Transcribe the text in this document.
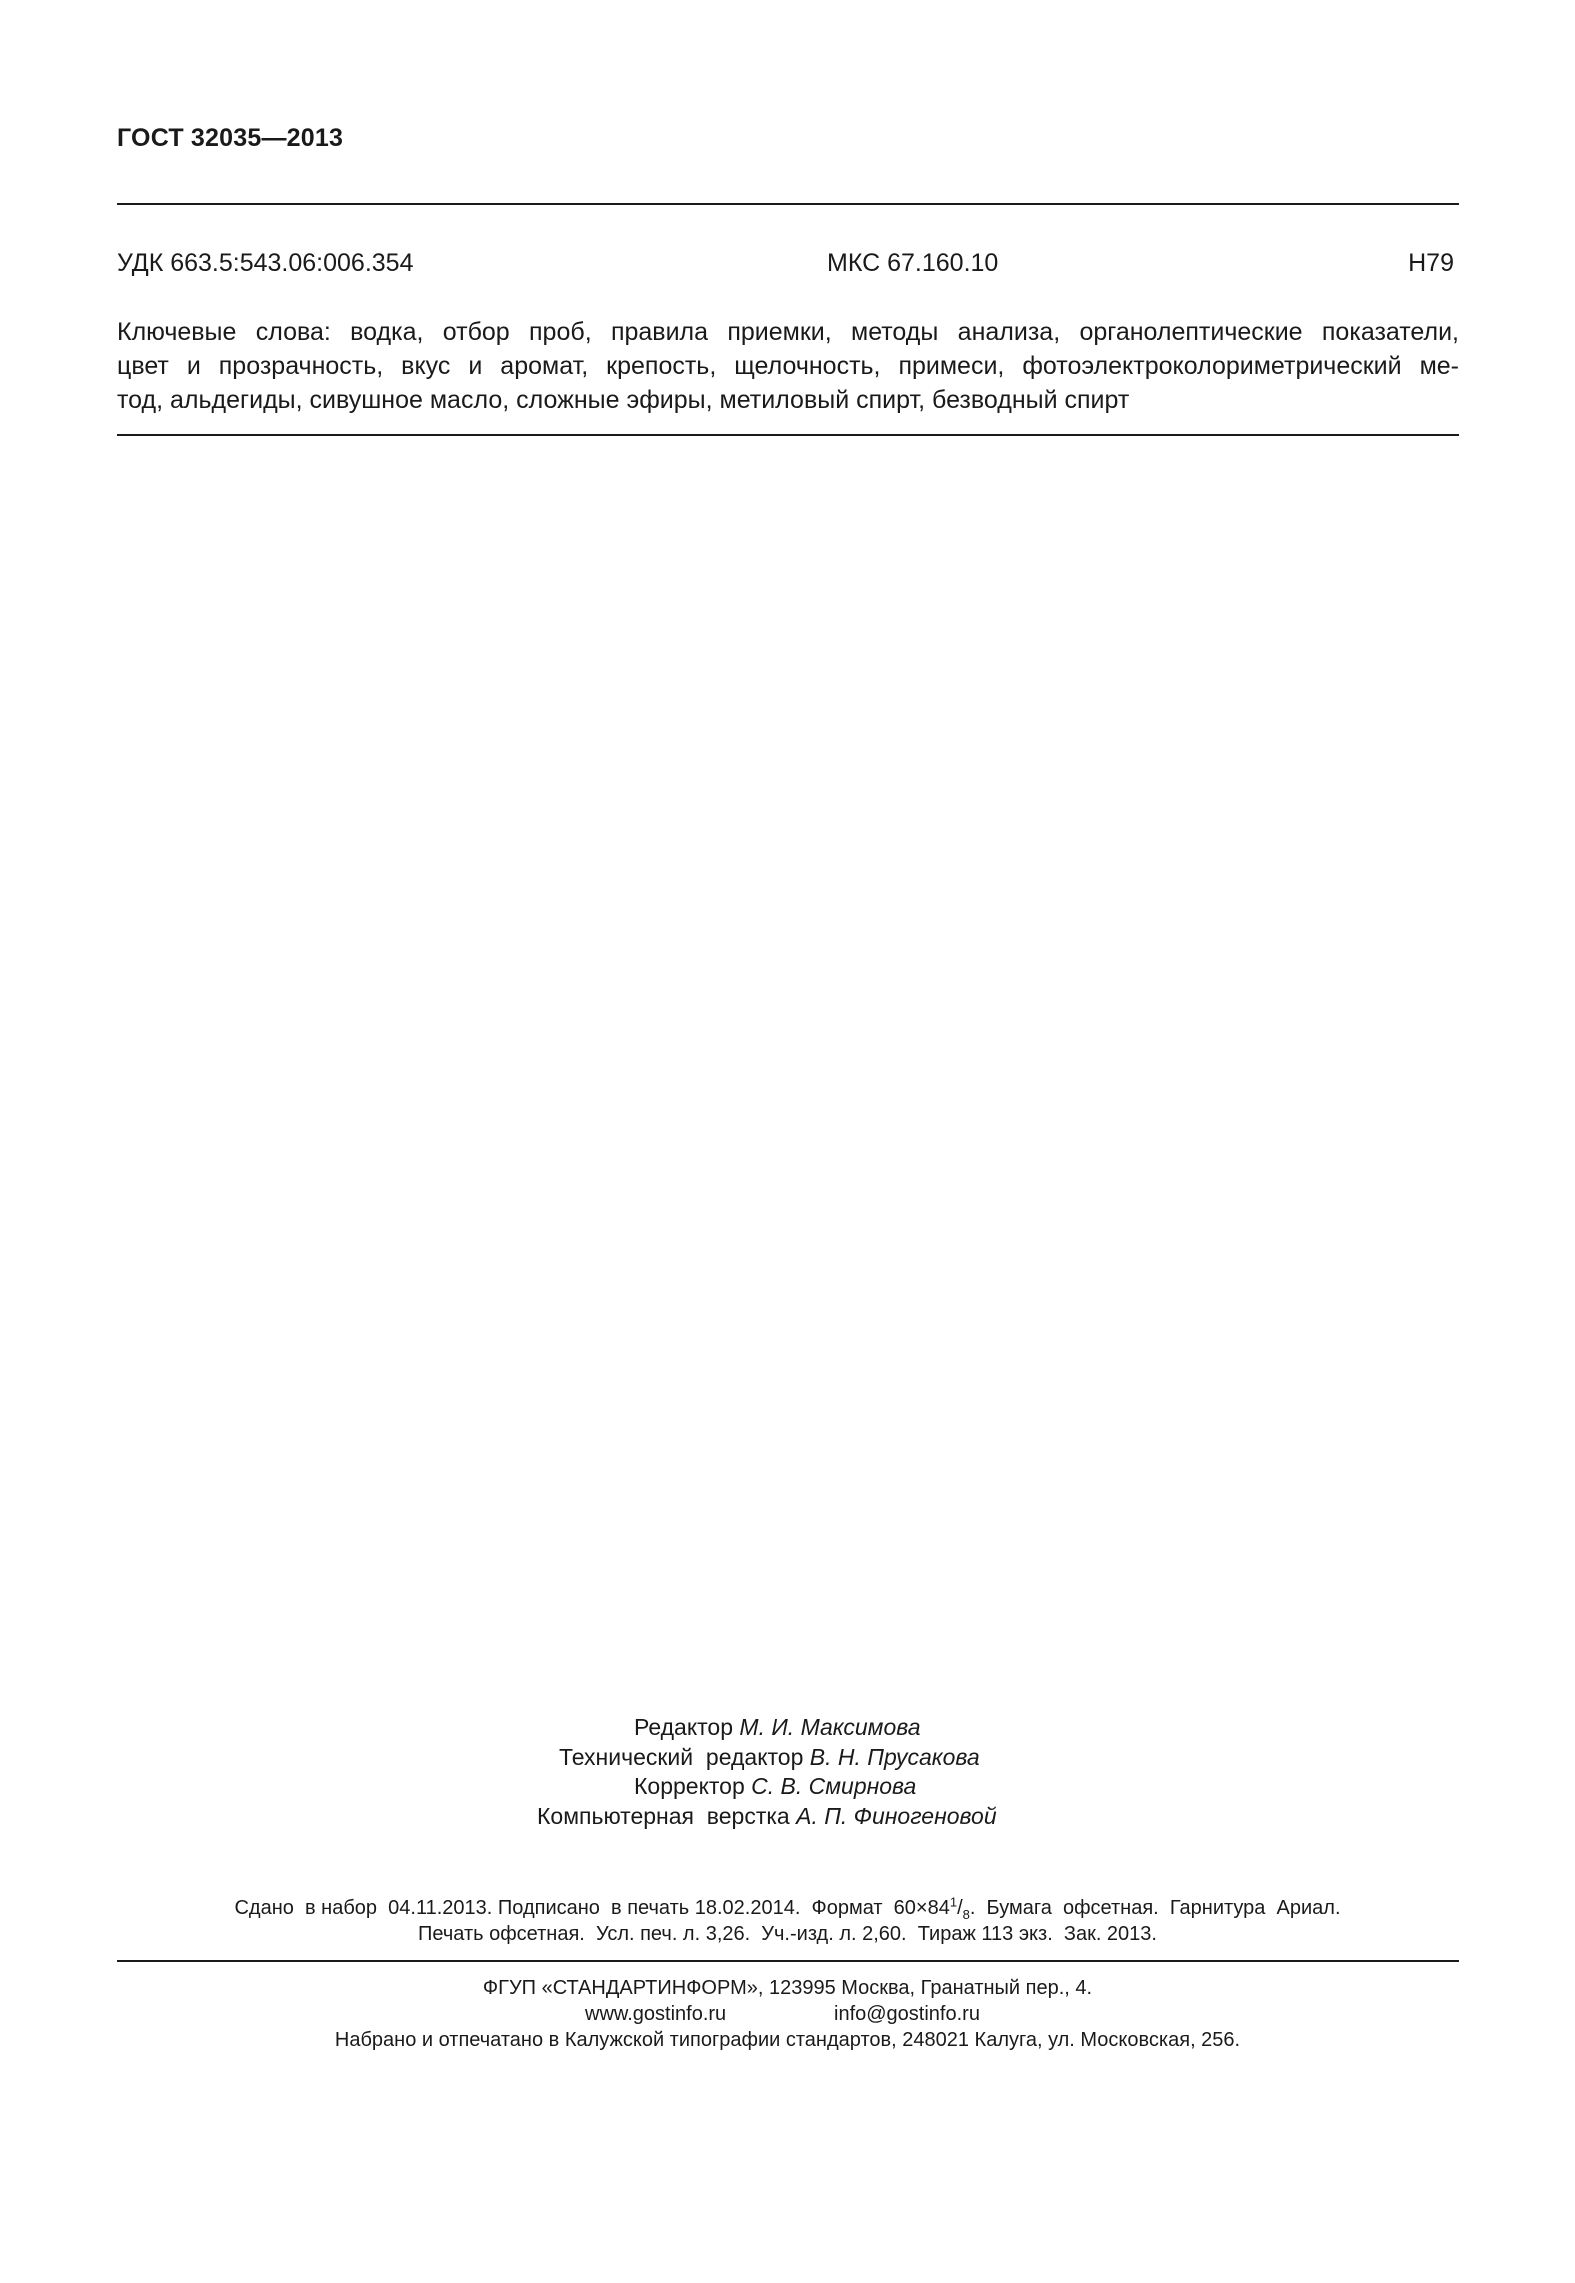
ГОСТ 32035—2013
УДК 663.5:543.06:006.354	МКС 67.160.10	Н79
Ключевые слова: водка, отбор проб, правила приемки, методы анализа, органолептические показатели,
цвет и прозрачность, вкус и аромат, крепость, щелочность, примеси, фотоэлектроколориметрический ме-
тод, альдегиды, сивушное масло, сложные эфиры, метиловый спирт, безводный спирт
Редактор М. И. Максимова
Технический  редактор В. Н. Прусакова
Корректор С. В. Смирнова
Компьютерная  верстка А. П. Финогеновой
Сдано  в набор  04.11.2013. Подписано  в печать 18.02.2014.  Формат  $60\times 84^1/_8$.  Бумага  офсетная.  Гарнитура  Ариал.
Печать офсетная.  Усл. печ. л. 3,26.  Уч.-изд. л. 2,60.  Тираж 113 экз.  Зак. 2013.
ФГУП «СТАНДАРТИНФОРМ», 123995 Москва, Гранатный пер., 4.
www.gostinfo.ru	info@gostinfo.ru
Набрано и отпечатано в Калужской типографии стандартов, 248021 Калуга, ул. Московская, 256.
